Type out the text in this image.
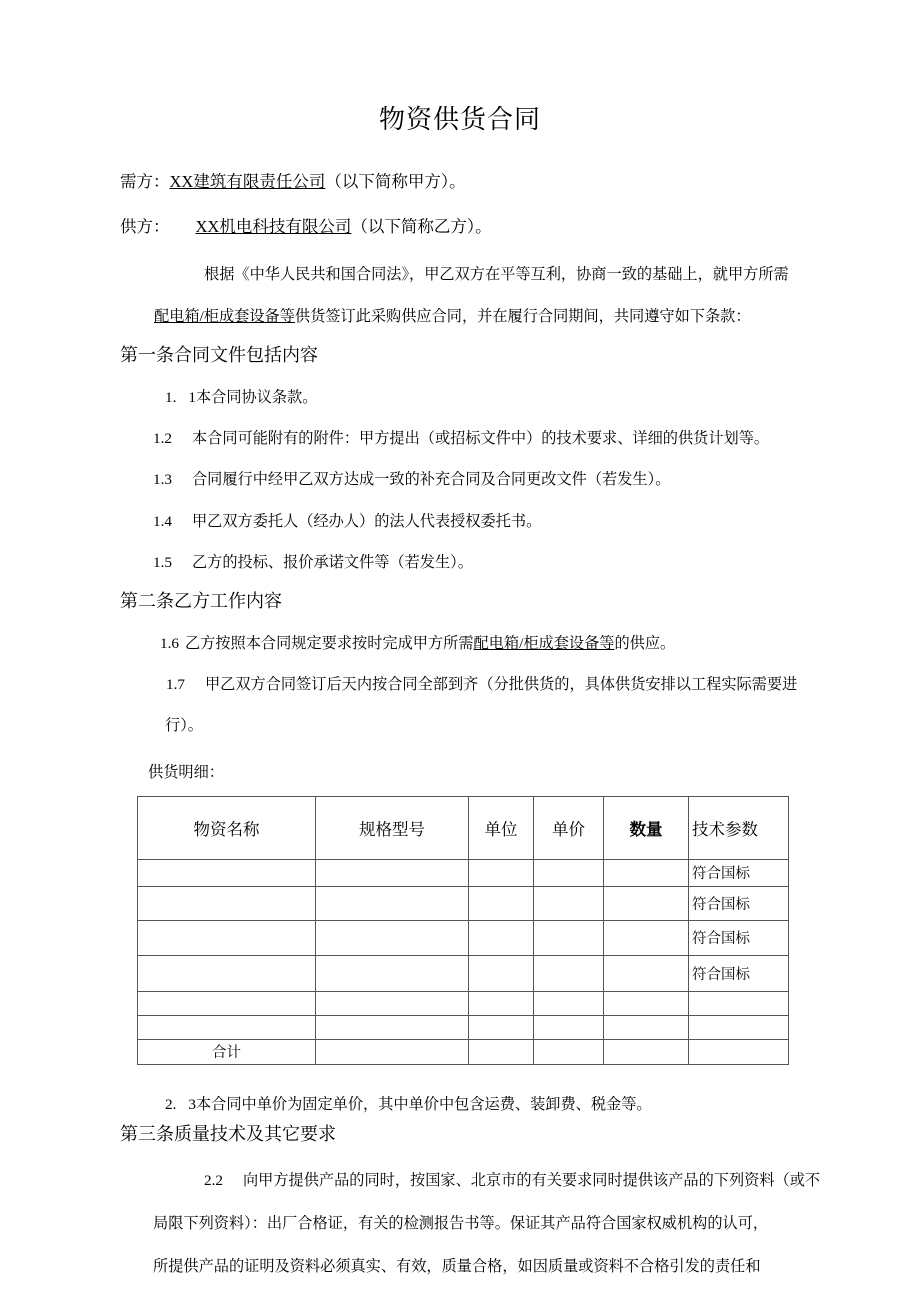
物资供货合同

需方：XX建筑有限责任公司（以下简称甲方）。

供方： XX机电科技有限公司（以下简称乙方）。

根据《中华人民共和国合同法》，甲乙双方在平等互利，协商一致的基础上，就甲方所需

配电箱/柜成套设备等供货签订此采购供应合同，并在履行合同期间，共同遵守如下条款：

第一条合同文件包括内容

1. 1本合同协议条款。

1.2 本合同可能附有的附件：甲方提出（或招标文件中）的技术要求、详细的供货计划等。

1.3 合同履行中经甲乙双方达成一致的补充合同及合同更改文件（若发生）。

1.4 甲乙双方委托人（经办人）的法人代表授权委托书。

1.5 乙方的投标、报价承诺文件等（若发生）。

第二条乙方工作内容

1.6 乙方按照本合同规定要求按时完成甲方所需配电箱/柜成套设备等的供应。

1.7 甲乙双方合同签订后天内按合同全部到齐（分批供货的，具体供货安排以工程实际需要进

行）。

供货明细：

物资名称	规格型号	单位	单价	数量	技术参数
					符合国标
					符合国标
					符合国标
					符合国标

合计					

2. 3本合同中单价为固定单价，其中单价中包含运费、装卸费、税金等。

第三条质量技术及其它要求

2.2 向甲方提供产品的同时，按国家、北京市的有关要求同时提供该产品的下列资料（或不

局限下列资料）：出厂合格证，有关的检测报告书等。保证其产品符合国家权威机构的认可，

所提供产品的证明及资料必须真实、有效，质量合格，如因质量或资料不合格引发的责任和
